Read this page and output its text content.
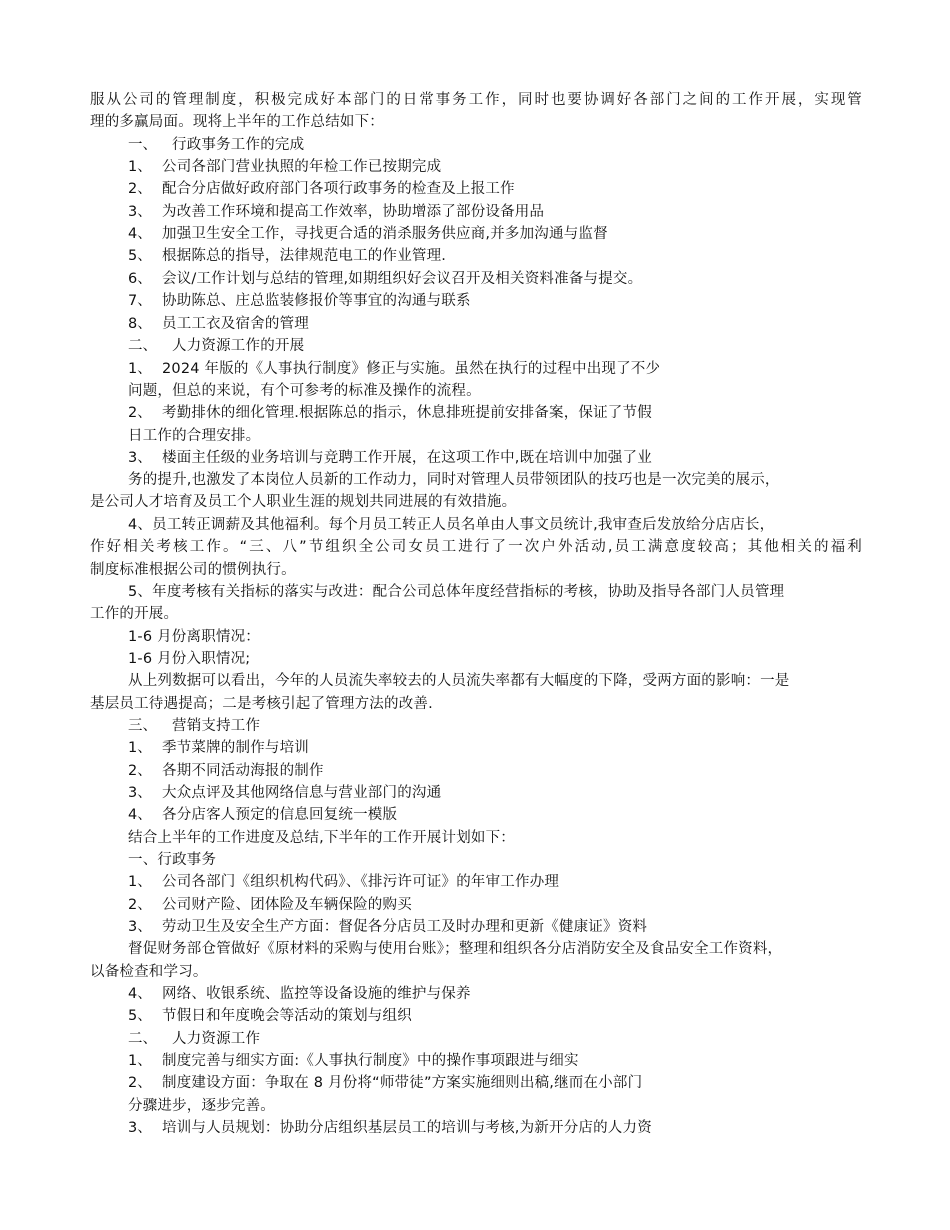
服从公司的管理制度，积极完成好本部门的日常事务工作，同时也要协调好各部门之间的工作开展，实现管
理的多赢局面。现将上半年的工作总结如下：
一、 行政事务工作的完成
1、 公司各部门营业执照的年检工作已按期完成
2、 配合分店做好政府部门各项行政事务的检查及上报工作
3、 为改善工作环境和提高工作效率，协助增添了部份设备用品
4、 加强卫生安全工作，寻找更合适的消杀服务供应商,并多加沟通与监督
5、 根据陈总的指导，法律规范电工的作业管理.
6、 会议/工作计划与总结的管理,如期组织好会议召开及相关资料准备与提交。
7、 协助陈总、庄总监装修报价等事宜的沟通与联系
8、 员工工衣及宿舍的管理
二、 人力资源工作的开展
1、 2024 年版的《人事执行制度》修正与实施。虽然在执行的过程中出现了不少
问题，但总的来说，有个可参考的标准及操作的流程。
2、 考勤排休的细化管理.根据陈总的指示，休息排班提前安排备案，保证了节假
日工作的合理安排。
3、 楼面主任级的业务培训与竞聘工作开展，在这项工作中,既在培训中加强了业
务的提升,也激发了本岗位人员新的工作动力，同时对管理人员带领团队的技巧也是一次完美的展示，
是公司人才培育及员工个人职业生涯的规划共同进展的有效措施。
4、员工转正调薪及其他福利。每个月员工转正人员名单由人事文员统计,我审查后发放给分店店长，
作好相关考核工作。“三、八”节组织全公司女员工进行了一次户外活动,员工满意度较高；其他相关的福利
制度标准根据公司的惯例执行。
5、年度考核有关指标的落实与改进：配合公司总体年度经营指标的考核，协助及指导各部门人员管理
工作的开展。
1-6 月份离职情况：
1-6 月份入职情况;
从上列数据可以看出，今年的人员流失率较去的人员流失率都有大幅度的下降，受两方面的影响：一是
基层员工待遇提高；二是考核引起了管理方法的改善.
三、 营销支持工作
1、 季节菜牌的制作与培训
2、 各期不同活动海报的制作
3、 大众点评及其他网络信息与营业部门的沟通
4、 各分店客人预定的信息回复统一模版
结合上半年的工作进度及总结,下半年的工作开展计划如下：
一、行政事务
1、 公司各部门《组织机构代码》、《排污许可证》的年审工作办理
2、 公司财产险、团体险及车辆保险的购买
3、 劳动卫生及安全生产方面：督促各分店员工及时办理和更新《健康证》资料
督促财务部仓管做好《原材料的采购与使用台账》；整理和组织各分店消防安全及食品安全工作资料，
以备检查和学习。
4、 网络、收银系统、监控等设备设施的维护与保养
5、 节假日和年度晚会等活动的策划与组织
二、 人力资源工作
1、 制度完善与细实方面:《人事执行制度》中的操作事项跟进与细实
2、 制度建设方面：争取在 8 月份将“师带徒”方案实施细则出稿,继而在小部门
分骤进步，逐步完善。
3、 培训与人员规划：协助分店组织基层员工的培训与考核,为新开分店的人力资
